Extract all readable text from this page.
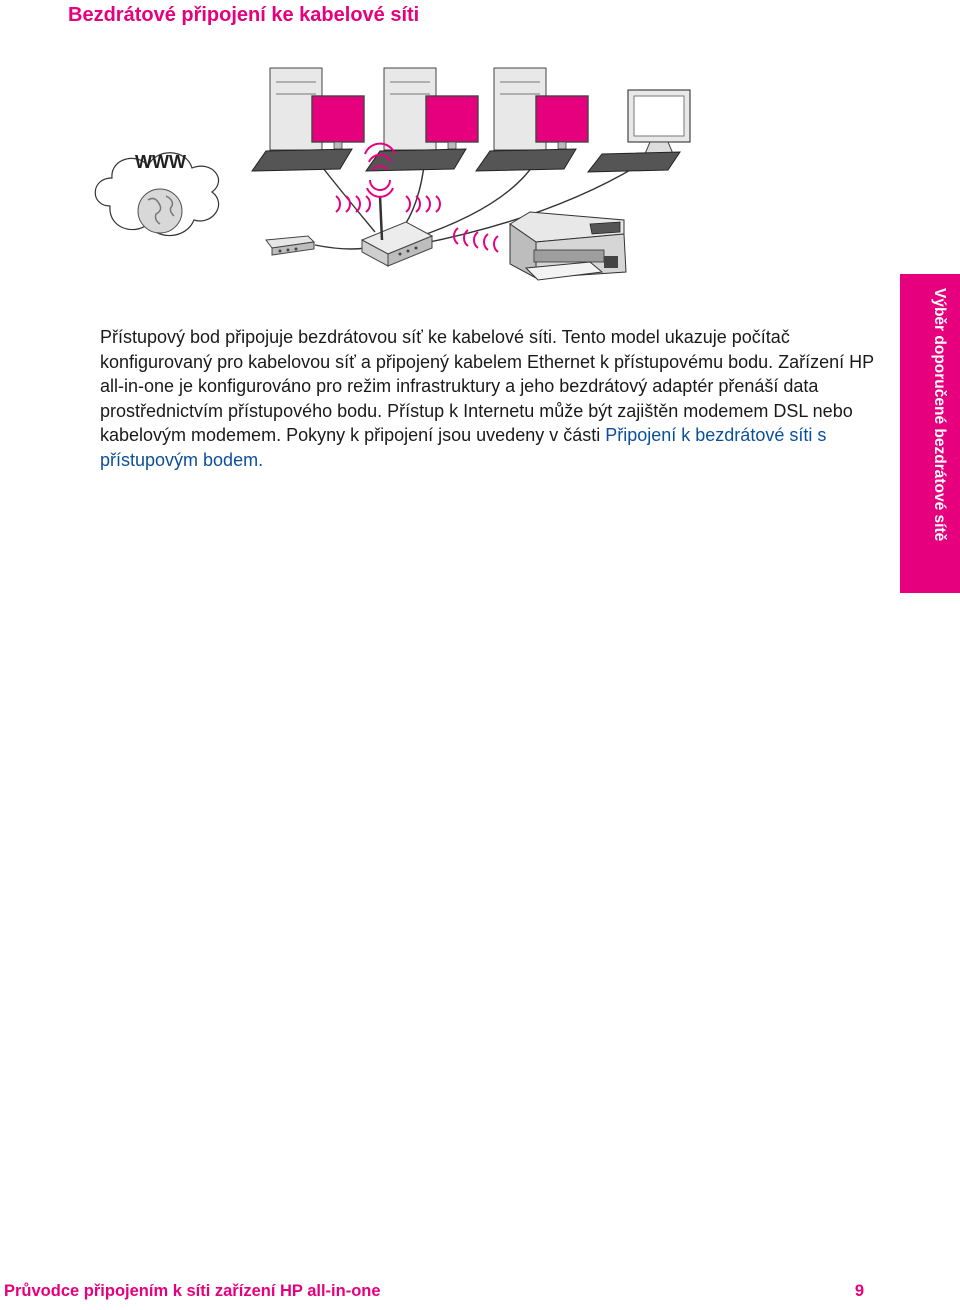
Bezdrátové připojení ke kabelové síti
WWW
Přístupový bod připojuje bezdrátovou síť ke kabelové síti. Tento model ukazuje počítač konfigurovaný pro kabelovou síť a připojený kabelem Ethernet k přístupovému bodu. Zařízení HP all-in-one je konfigurováno pro režim infrastruktury a jeho bezdrátový adaptér přenáší data prostřednictvím přístupového bodu. Přístup k Internetu může být zajištěn modemem DSL nebo kabelovým modemem. Pokyny k připojení jsou uvedeny v části Připojení k bezdrátové síti s přístupovým bodem.	Výběr doporučené bezdrátové sítě
Průvodce připojením k síti zařízení HP all-in-one	9
